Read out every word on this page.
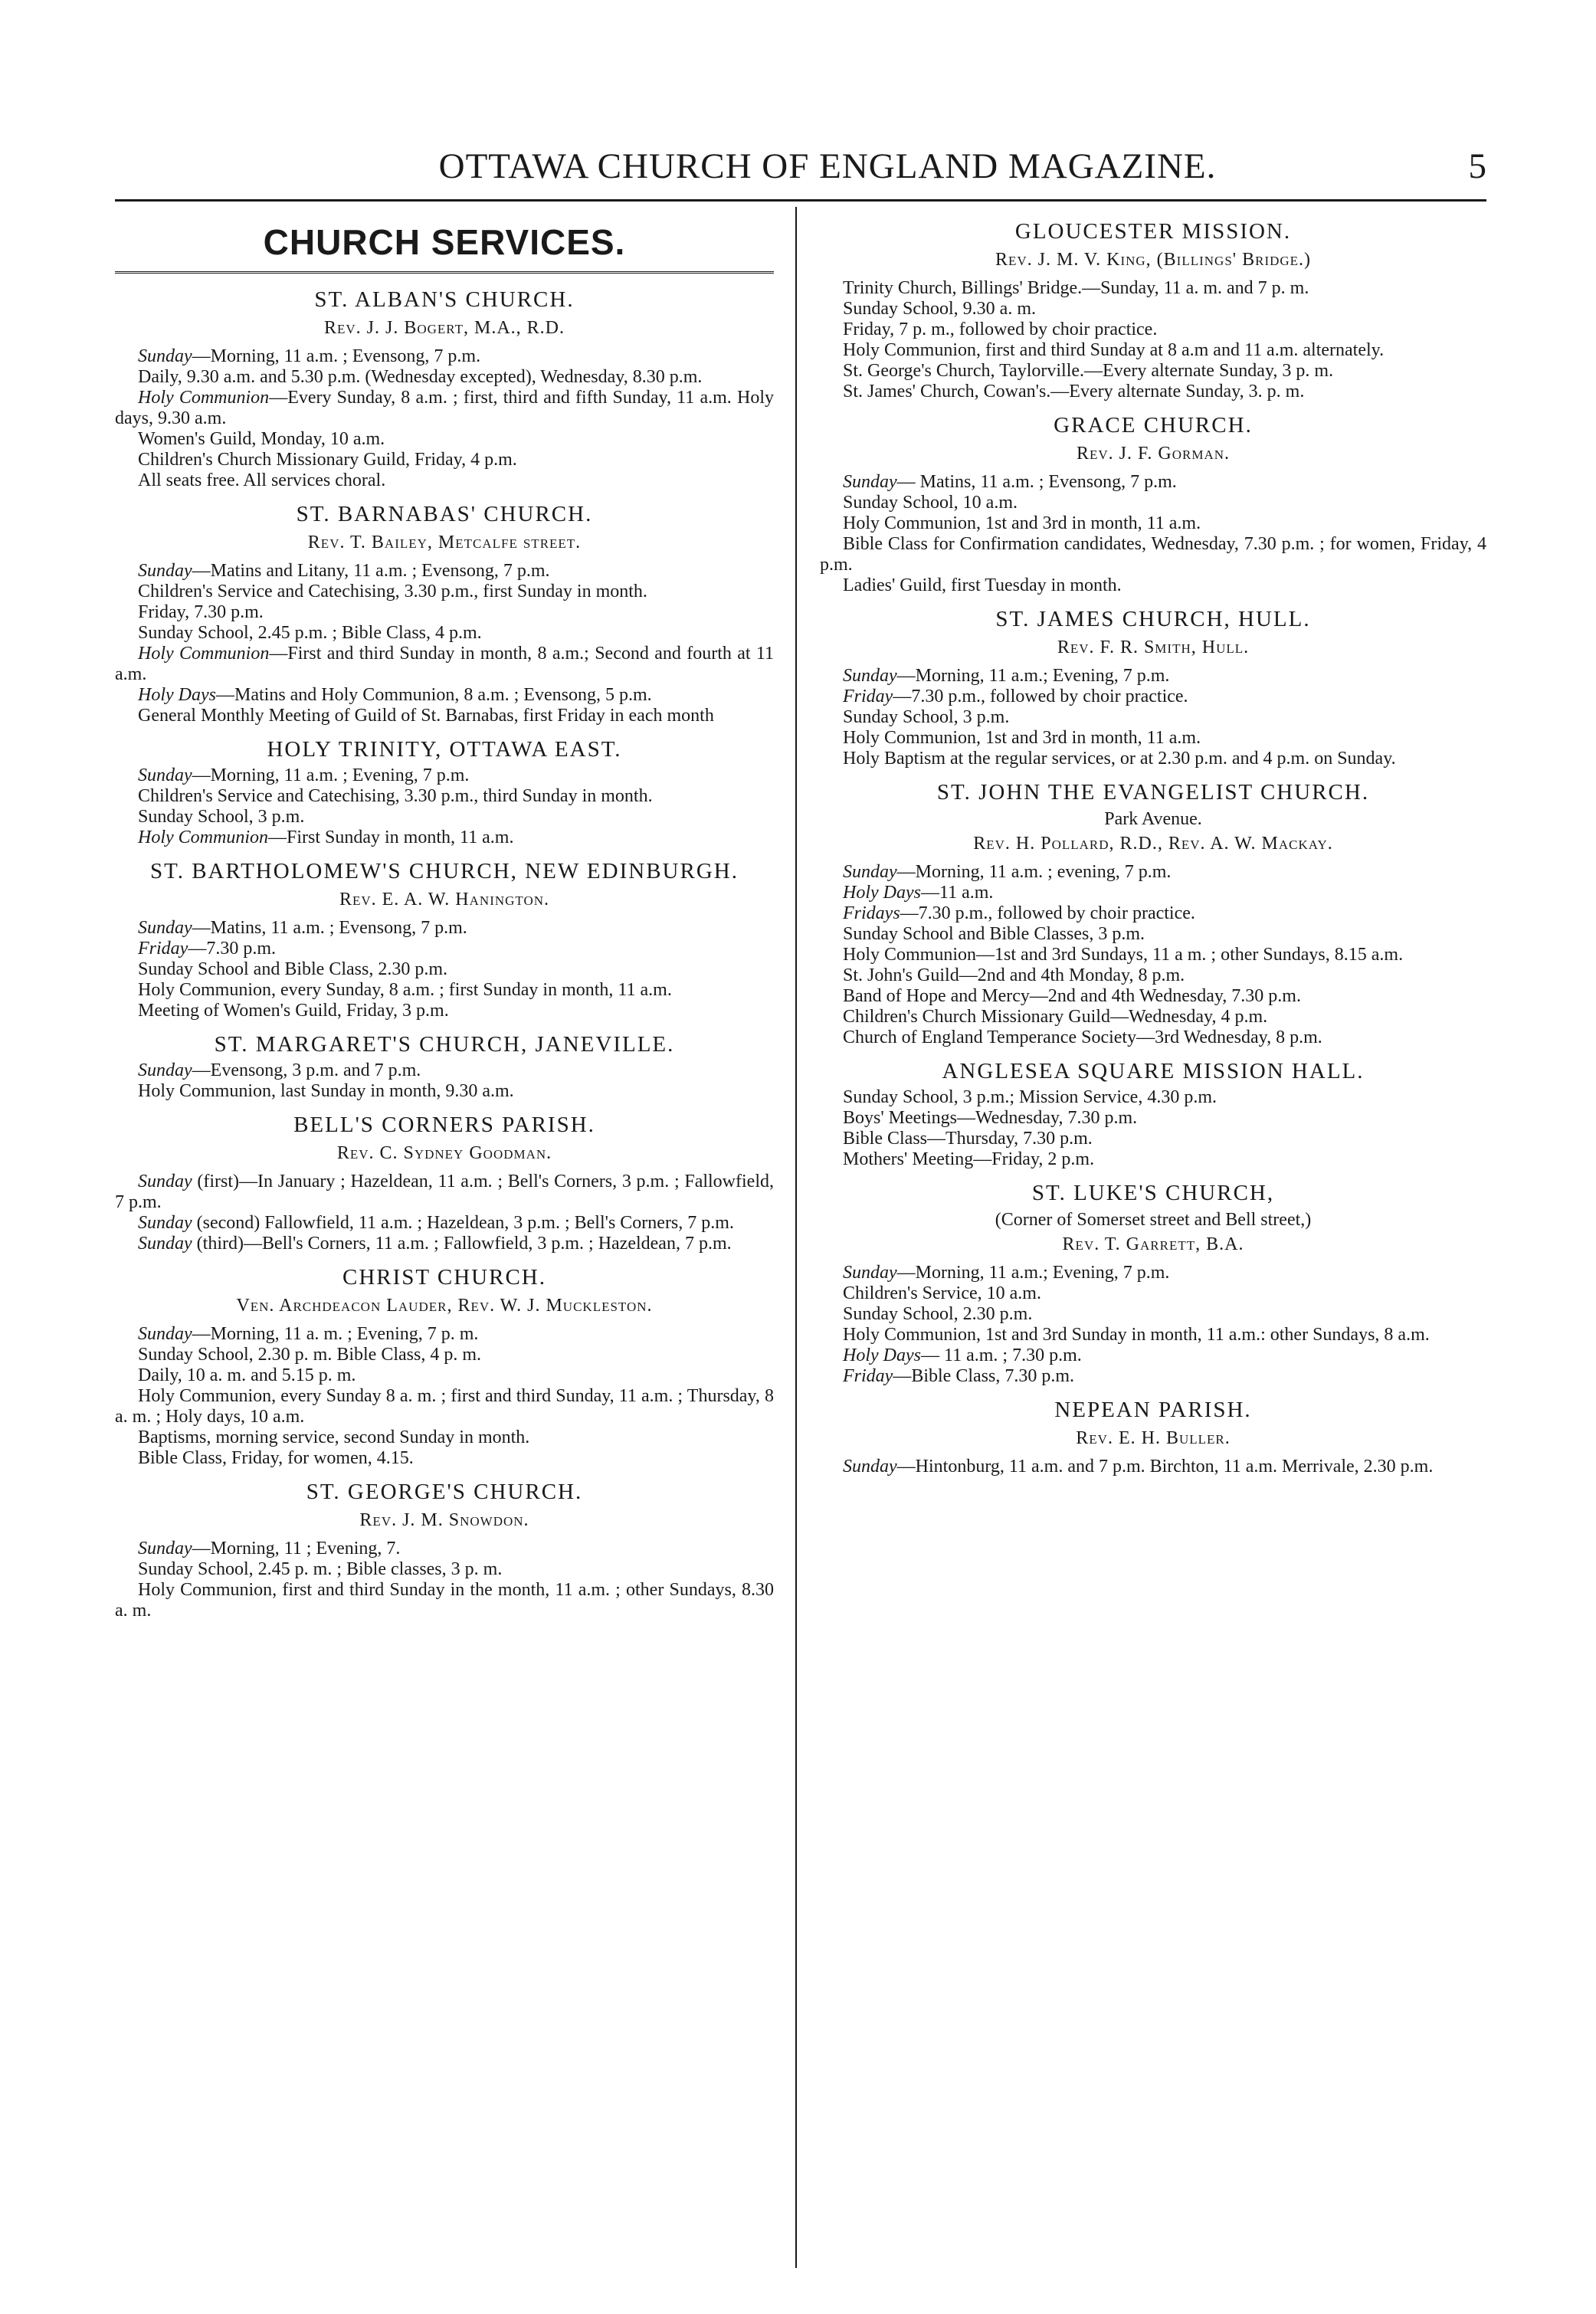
OTTAWA CHURCH OF ENGLAND MAGAZINE.	5
CHURCH SERVICES.
ST. ALBAN'S CHURCH.
Rev. J. J. Bogert, M.A., R.D.

Sunday—Morning, 11 a.m. ; Evensong, 7 p.m.

Daily, 9.30 a.m. and 5.30 p.m. (Wednesday excepted), Wednesday, 8.30 p.m.

Holy Communion—Every Sunday, 8 a.m. ; first, third and fifth Sunday, 11 a.m. Holy days, 9.30 a.m.

Women's Guild, Monday, 10 a.m.

Children's Church Missionary Guild, Friday, 4 p.m.

All seats free. All services choral.

ST. BARNABAS' CHURCH.
Rev. T. Bailey, Metcalfe street.

Sunday—Matins and Litany, 11 a.m. ; Evensong, 7 p.m.

Children's Service and Catechising, 3.30 p.m., first Sunday in month.

Friday, 7.30 p.m.

Sunday School, 2.45 p.m. ; Bible Class, 4 p.m.

Holy Communion—First and third Sunday in month, 8 a.m.; Second and fourth at 11 a.m.

Holy Days—Matins and Holy Communion, 8 a.m. ; Evensong, 5 p.m.

General Monthly Meeting of Guild of St. Barnabas, first Friday in each month

HOLY TRINITY, OTTAWA EAST.

Sunday—Morning, 11 a.m. ; Evening, 7 p.m.

Children's Service and Catechising, 3.30 p.m., third Sunday in month.

Sunday School, 3 p.m.

Holy Communion—First Sunday in month, 11 a.m.

ST. BARTHOLOMEW'S CHURCH, NEW EDINBURGH.
Rev. E. A. W. Hanington.

Sunday—Matins, 11 a.m. ; Evensong, 7 p.m.

Friday—7.30 p.m.

Sunday School and Bible Class, 2.30 p.m.

Holy Communion, every Sunday, 8 a.m. ; first Sunday in month, 11 a.m.

Meeting of Women's Guild, Friday, 3 p.m.

ST. MARGARET'S CHURCH, JANEVILLE.

Sunday—Evensong, 3 p.m. and 7 p.m.

Holy Communion, last Sunday in month, 9.30 a.m.

BELL'S CORNERS PARISH.
Rev. C. Sydney Goodman.

Sunday (first)—In January ; Hazeldean, 11 a.m. ; Bell's Corners, 3 p.m. ; Fallowfield, 7 p.m.

Sunday (second) Fallowfield, 11 a.m. ; Hazeldean, 3 p.m. ; Bell's Corners, 7 p.m.

Sunday (third)—Bell's Corners, 11 a.m. ; Fallowfield, 3 p.m. ; Hazeldean, 7 p.m.

CHRIST CHURCH.
Ven. Archdeacon Lauder, Rev. W. J. Muckleston.

Sunday—Morning, 11 a. m. ; Evening, 7 p. m.

Sunday School, 2.30 p. m. Bible Class, 4 p. m.

Daily, 10 a. m. and 5.15 p. m.

Holy Communion, every Sunday 8 a. m. ; first and third Sunday, 11 a.m. ; Thursday, 8 a. m. ; Holy days, 10 a.m.

Baptisms, morning service, second Sunday in month.

Bible Class, Friday, for women, 4.15.

ST. GEORGE'S CHURCH.
Rev. J. M. Snowdon.

Sunday—Morning, 11 ; Evening, 7.

Sunday School, 2.45 p. m. ; Bible classes, 3 p. m.

Holy Communion, first and third Sunday in the month, 11 a.m. ; other Sundays, 8.30 a. m.

GLOUCESTER MISSION.
Rev. J. M. V. King, (Billings' Bridge.)

Trinity Church, Billings' Bridge.—Sunday, 11 a. m. and 7 p. m.

Sunday School, 9.30 a. m.

Friday, 7 p. m., followed by choir practice.

Holy Communion, first and third Sunday at 8 a.m and 11 a.m. alternately.

St. George's Church, Taylorville.—Every alternate Sunday, 3 p. m.

St. James' Church, Cowan's.—Every alternate Sunday, 3. p. m.

GRACE CHURCH.
Rev. J. F. Gorman.

Sunday— Matins, 11 a.m. ; Evensong, 7 p.m.

Sunday School, 10 a.m.

Holy Communion, 1st and 3rd in month, 11 a.m.

Bible Class for Confirmation candidates, Wednesday, 7.30 p.m. ; for women, Friday, 4 p.m.

Ladies' Guild, first Tuesday in month.

ST. JAMES CHURCH, HULL.
Rev. F. R. Smith, Hull.

Sunday—Morning, 11 a.m.; Evening, 7 p.m.

Friday—7.30 p.m., followed by choir practice.

Sunday School, 3 p.m.

Holy Communion, 1st and 3rd in month, 11 a.m.

Holy Baptism at the regular services, or at 2.30 p.m. and 4 p.m. on Sunday.

ST. JOHN THE EVANGELIST CHURCH.
Park Avenue.
Rev. H. Pollard, R.D., Rev. A. W. Mackay.

Sunday—Morning, 11 a.m. ; evening, 7 p.m.

Holy Days—11 a.m.

Fridays—7.30 p.m., followed by choir practice.

Sunday School and Bible Classes, 3 p.m.

Holy Communion—1st and 3rd Sundays, 11 a m. ; other Sundays, 8.15 a.m.

St. John's Guild—2nd and 4th Monday, 8 p.m.

Band of Hope and Mercy—2nd and 4th Wednesday, 7.30 p.m.

Children's Church Missionary Guild—Wednesday, 4 p.m.

Church of England Temperance Society—3rd Wednesday, 8 p.m.

ANGLESEA SQUARE MISSION HALL.

Sunday School, 3 p.m.; Mission Service, 4.30 p.m.

Boys' Meetings—Wednesday, 7.30 p.m.

Bible Class—Thursday, 7.30 p.m.

Mothers' Meeting—Friday, 2 p.m.

ST. LUKE'S CHURCH,
(Corner of Somerset street and Bell street,)
Rev. T. Garrett, B.A.

Sunday—Morning, 11 a.m.; Evening, 7 p.m.

Children's Service, 10 a.m.

Sunday School, 2.30 p.m.

Holy Communion, 1st and 3rd Sunday in month, 11 a.m.: other Sundays, 8 a.m.

Holy Days— 11 a.m. ; 7.30 p.m.

Friday—Bible Class, 7.30 p.m.

NEPEAN PARISH.
Rev. E. H. Buller.

Sunday—Hintonburg, 11 a.m. and 7 p.m. Birchton, 11 a.m. Merrivale, 2.30 p.m.
